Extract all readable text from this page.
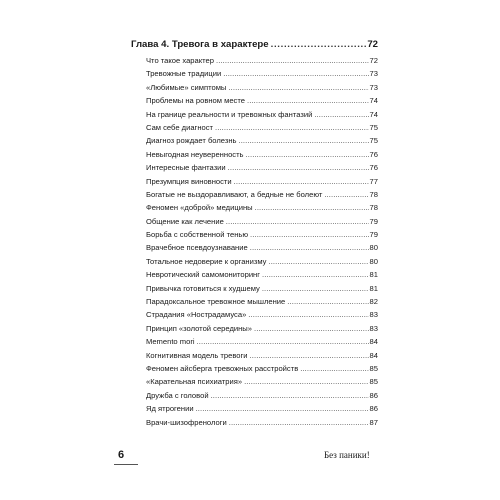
Глава 4. Тревога в характере . . .	72
Что такое характер . . .	72
Тревожные традиции . . .	73
«Любимые» симптомы . . .	73
Проблемы на ровном месте . . .	74
На границе реальности и тревожных фантазий . . .	74
Сам себе диагност . . .	75
Диагноз рождает болезнь . . .	75
Невыгодная неуверенность . . .	76
Интересные фантазии . . .	76
Презумпция виновности . . .	77
Богатые не выздоравливают, а бедные не болеют . . .	78
Феномен «доброй» медицины . . .	78
Общение как лечение . . .	79
Борьба с собственной тенью . . .	79
Врачебное псевдоузнавание . . .	80
Тотальное недоверие к организму . . .	80
Невротический самомониторинг . . .	81
Привычка готовиться к худшему . . .	81
Парадоксальное тревожное мышление . . .	82
Страдания «Нострадамуса» . . .	83
Принцип «золотой середины» . . .	83
Memento mori . . .	84
Когнитивная модель тревоги . . .	84
Феномен айсберга тревожных расстройств . . .	85
«Карательная психиатрия» . . .	85
Дружба с головой . . .	86
Яд ятрогении . . .	86
Врачи-шизофренологи . . .	87
6	Без паники!
